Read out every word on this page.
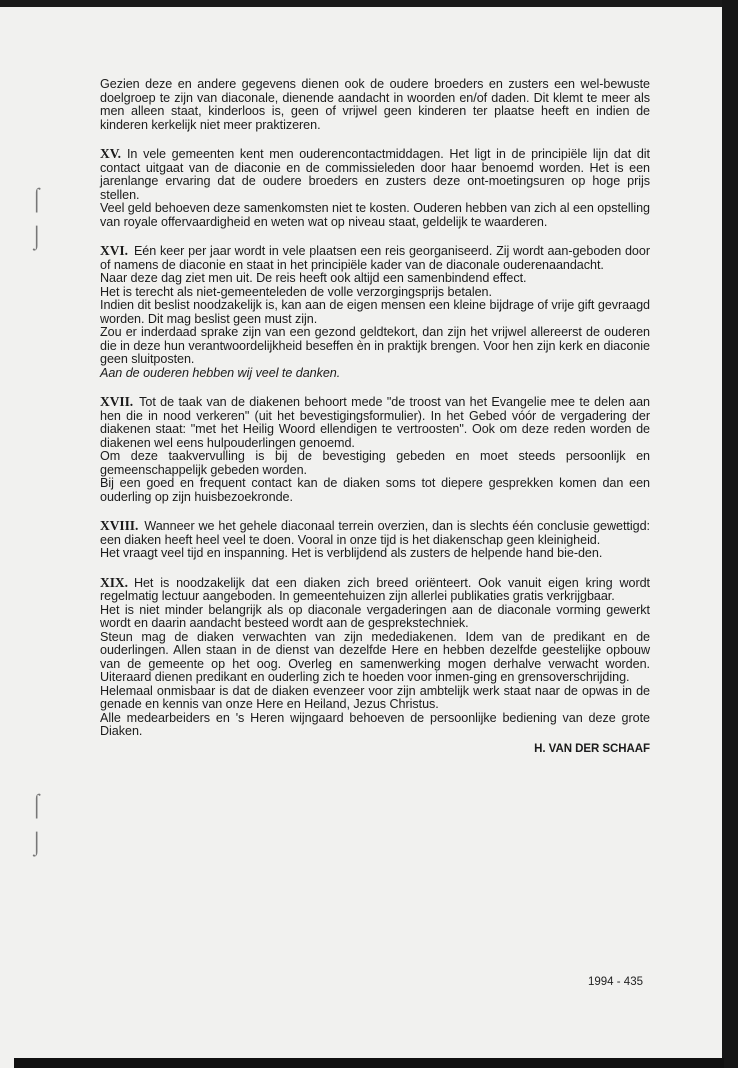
⌠
⌡
⌠
⌡

Gezien deze en andere gegevens dienen ook de oudere broeders en zusters een wel-bewuste doelgroep te zijn van diaconale, dienende aandacht in woorden en/of daden. Dit klemt te meer als men alleen staat, kinderloos is, geen of vrijwel geen kinderen ter plaatse heeft en indien de kinderen kerkelijk niet meer praktizeren.

XV. In vele gemeenten kent men ouderencontactmiddagen. Het ligt in de principiële lijn dat dit contact uitgaat van de diaconie en de commissieleden door haar benoemd worden. Het is een jarenlange ervaring dat de oudere broeders en zusters deze ont-moetingsuren op hoge prijs stellen.

Veel geld behoeven deze samenkomsten niet te kosten. Ouderen hebben van zich al een opstelling van royale offervaardigheid en weten wat op niveau staat, geldelijk te waarderen.

XVI. Eén keer per jaar wordt in vele plaatsen een reis georganiseerd. Zij wordt aan-geboden door of namens de diaconie en staat in het principiële kader van de diaconale ouderenaandacht.

Naar deze dag ziet men uit. De reis heeft ook altijd een samenbindend effect.

Het is terecht als niet-gemeenteleden de volle verzorgingsprijs betalen.

Indien dit beslist noodzakelijk is, kan aan de eigen mensen een kleine bijdrage of vrije gift gevraagd worden. Dit mag beslist geen must zijn.

Zou er inderdaad sprake zijn van een gezond geldtekort, dan zijn het vrijwel allereerst de ouderen die in deze hun verantwoordelijkheid beseffen èn in praktijk brengen. Voor hen zijn kerk en diaconie geen sluitposten.

Aan de ouderen hebben wij veel te danken.

XVII. Tot de taak van de diakenen behoort mede "de troost van het Evangelie mee te delen aan hen die in nood verkeren" (uit het bevestigingsformulier). In het Gebed vóór de vergadering der diakenen staat: "met het Heilig Woord ellendigen te vertroosten". Ook om deze reden worden de diakenen wel eens hulpouderlingen genoemd.

Om deze taakvervulling is bij de bevestiging gebeden en moet steeds persoonlijk en gemeenschappelijk gebeden worden.

Bij een goed en frequent contact kan de diaken soms tot diepere gesprekken komen dan een ouderling op zijn huisbezoekronde.

XVIII. Wanneer we het gehele diaconaal terrein overzien, dan is slechts één conclusie gewettigd: een diaken heeft heel veel te doen. Vooral in onze tijd is het diakenschap geen kleinigheid.

Het vraagt veel tijd en inspanning. Het is verblijdend als zusters de helpende hand bie-den.

XIX. Het is noodzakelijk dat een diaken zich breed oriënteert. Ook vanuit eigen kring wordt regelmatig lectuur aangeboden. In gemeentehuizen zijn allerlei publikaties gratis verkrijgbaar.

Het is niet minder belangrijk als op diaconale vergaderingen aan de diaconale vorming gewerkt wordt en daarin aandacht besteed wordt aan de gesprekstechniek.

Steun mag de diaken verwachten van zijn medediakenen. Idem van de predikant en de ouderlingen. Allen staan in de dienst van dezelfde Here en hebben dezelfde geestelijke opbouw van de gemeente op het oog. Overleg en samenwerking mogen derhalve verwacht worden. Uiteraard dienen predikant en ouderling zich te hoeden voor inmen-ging en grensoverschrijding.

Helemaal onmisbaar is dat de diaken evenzeer voor zijn ambtelijk werk staat naar de opwas in de genade en kennis van onze Here en Heiland, Jezus Christus.

Alle medearbeiders en 's Heren wijngaard behoeven de persoonlijke bediening van deze grote Diaken.

H. VAN DER SCHAAF

1994 - 435
